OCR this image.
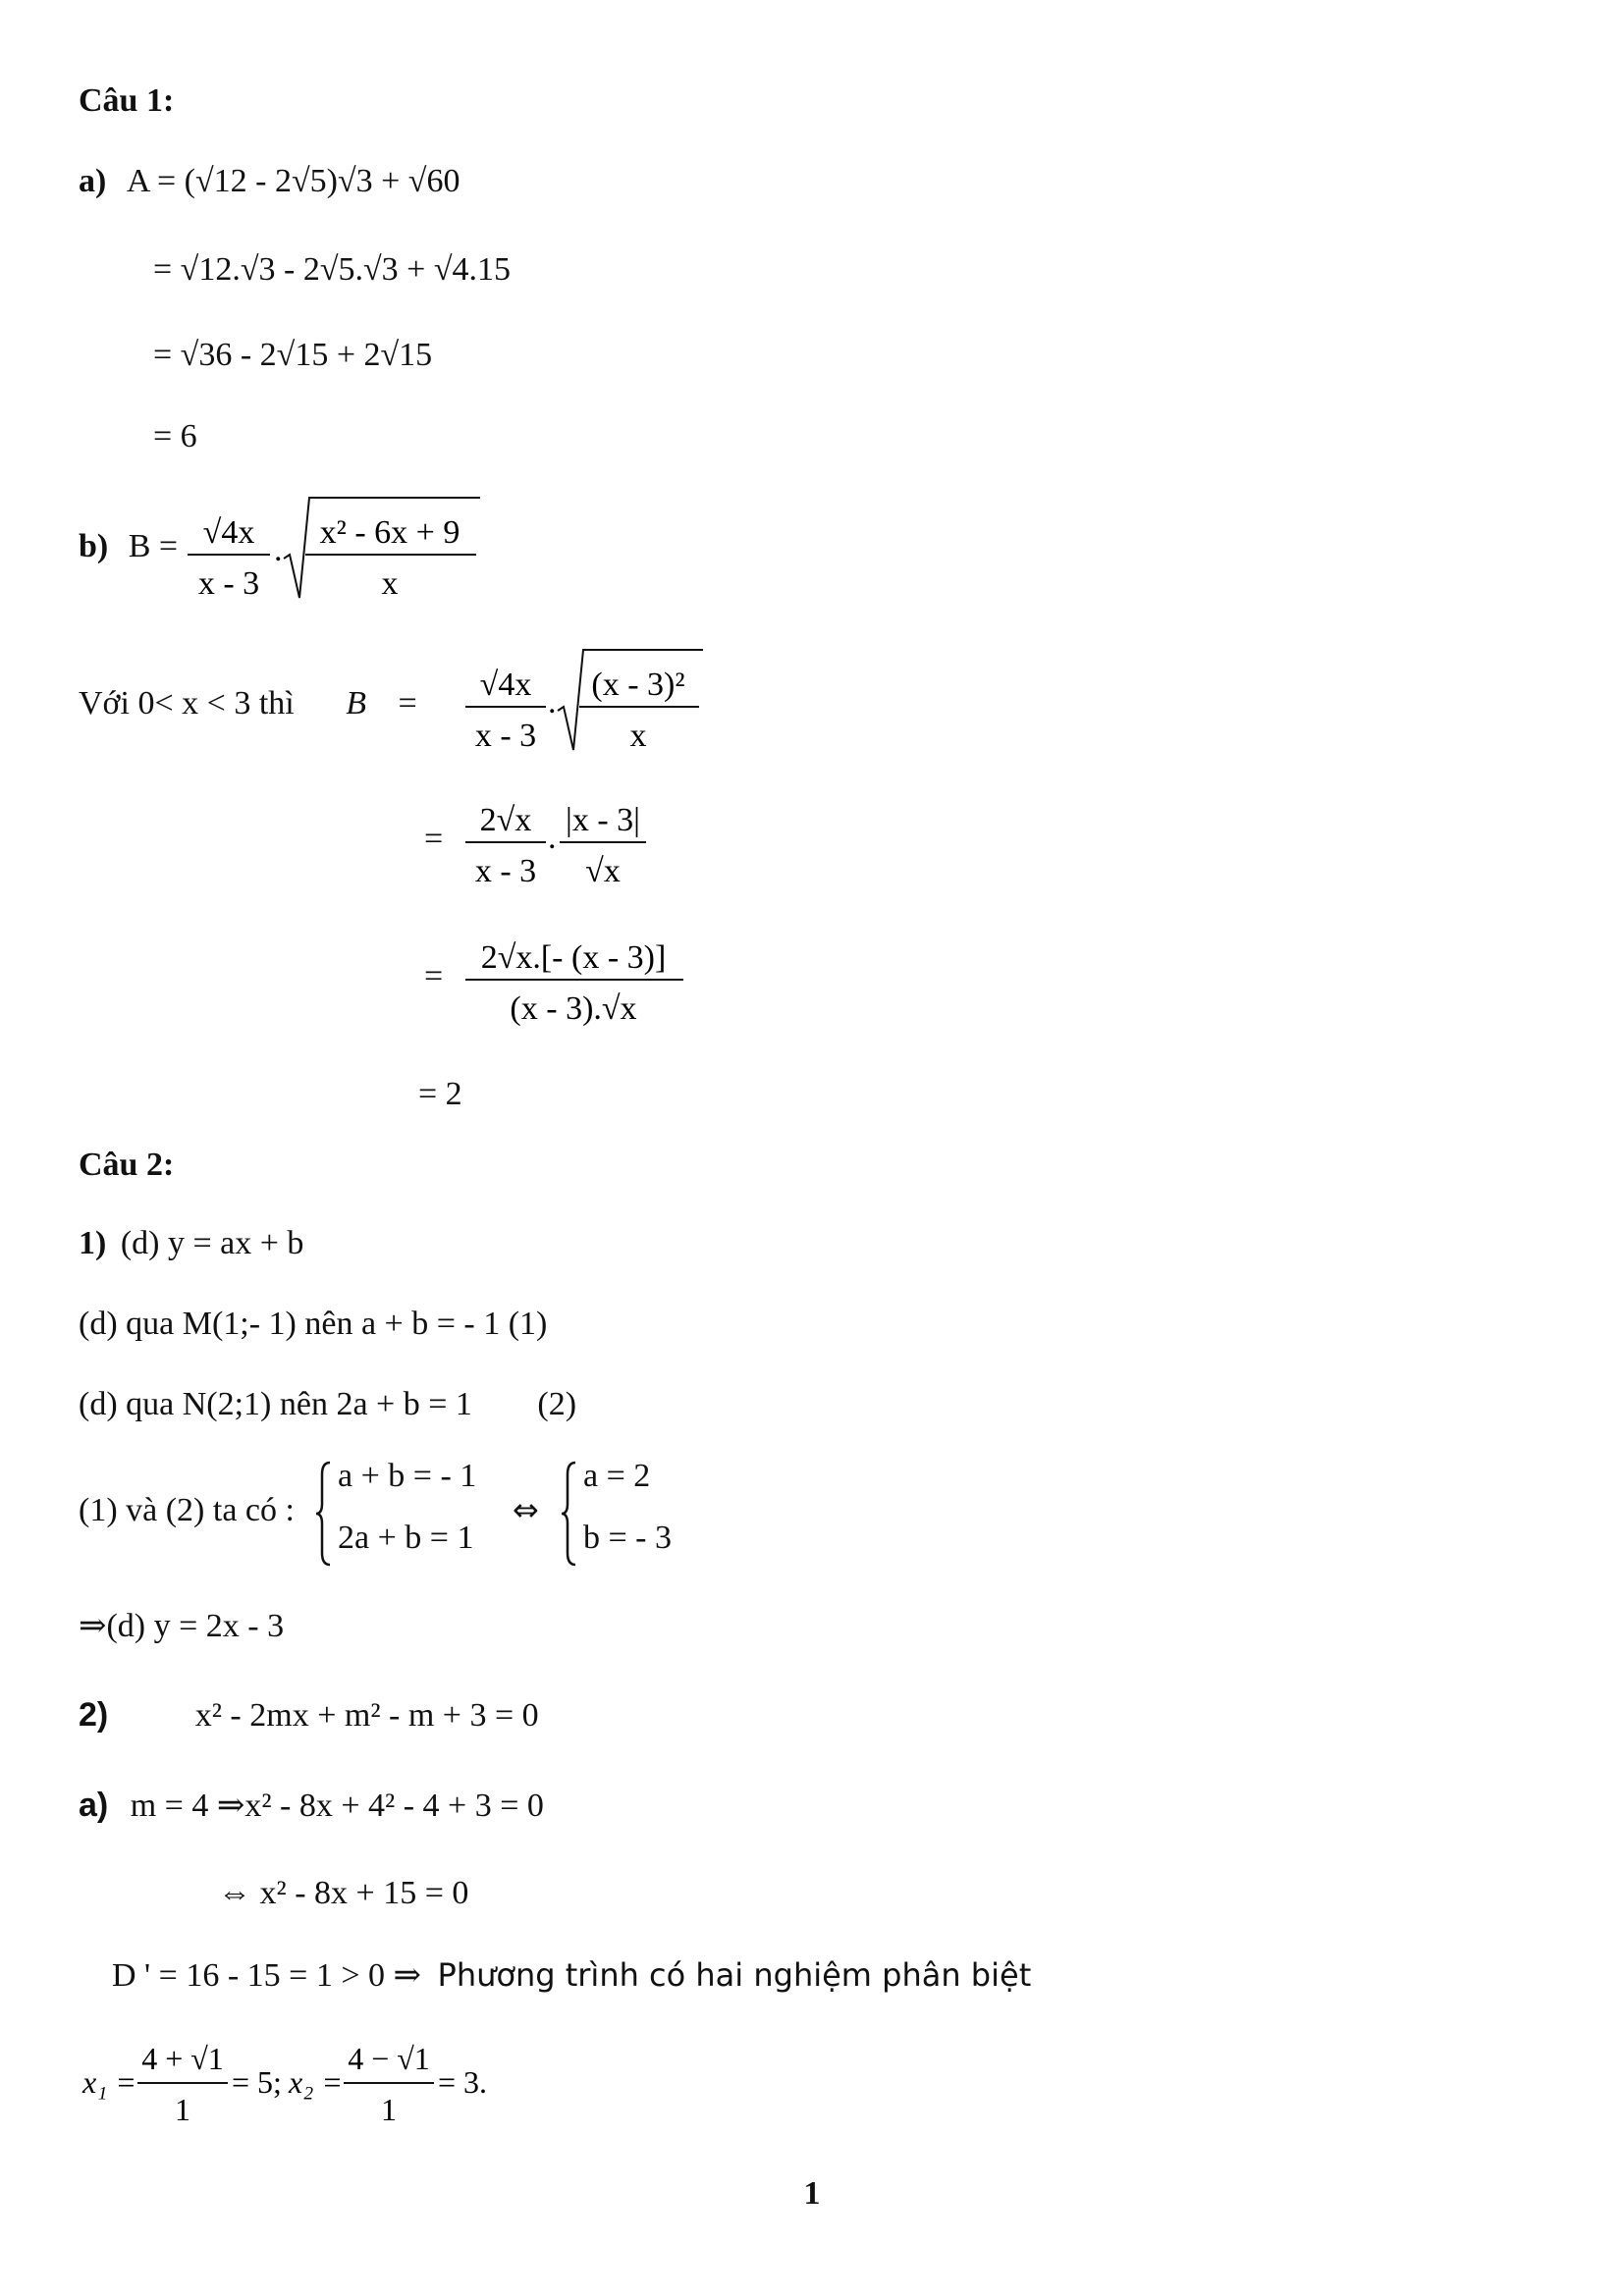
Câu 1:
a) A = (√12 - 2√5)√3 + √60
= √12.√3 - 2√5.√3 + √4.15
= √36 - 2√15 + 2√15
= 6
b) B = √4x
x - 3
. x² - 6x + 9
x
Với 0< x < 3 thì B =
√4x
x - 3
. (x - 3)²
x
=
2√x
x - 3
. |x - 3|
√x
=
2√x.[- (x - 3)]
(x - 3).√x
= 2
Câu 2:
1) (d) y = ax + b
(d) qua M(1;- 1) nên a + b = - 1 (1)
(d) qua N(2;1) nên 2a + b = 1 (2)
(1) và (2) ta có :
a + b = - 1
2a + b = 1
⇔
a = 2
b = - 3
⇒(d) y = 2x - 3
2)	x² - 2mx + m² - m + 3 = 0
a) m = 4 ⇒x² - 8x + 4² - 4 + 3 = 0
⇔ x² - 8x + 15 = 0
D ' = 16 - 15 = 1 > 0 ⇒ Phương trình có hai nghiệm phân biệt
x₁ =
4 + √1
1
= 5; x₂ =
4 − √1
1
= 3.
1
